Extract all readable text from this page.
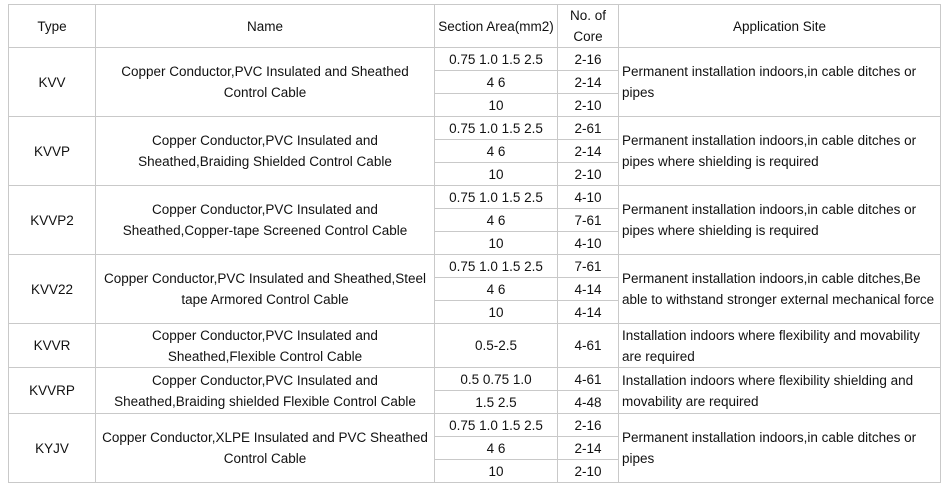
Type	Name	Section Area(mm2)	No. of Core	Application Site
KVV	Copper Conductor,PVC Insulated and Sheathed Control Cable	0.75 1.0 1.5 2.5	2-16	Permanent installation indoors,in cable ditches or pipes
		4 6	2-14	
		10	2-10	
KVVP	Copper Conductor,PVC Insulated and Sheathed,Braiding Shielded Control Cable	0.75 1.0 1.5 2.5	2-61	Permanent installation indoors,in cable ditches or pipes where shielding is required
		4 6	2-14	
		10	2-10	
KVVP2	Copper Conductor,PVC Insulated and Sheathed,Copper-tape Screened Control Cable	0.75 1.0 1.5 2.5	4-10	Permanent installation indoors,in cable ditches or pipes where shielding is required
		4 6	7-61	
		10	4-10	
KVV22	Copper Conductor,PVC Insulated and Sheathed,Steel tape Armored Control Cable	0.75 1.0 1.5 2.5	7-61	Permanent installation indoors,in cable ditches,Be able to withstand stronger external mechanical force
		4 6	4-14	
		10	4-14	
KVVR	Copper Conductor,PVC Insulated and Sheathed,Flexible Control Cable	0.5-2.5	4-61	Installation indoors where flexibility and movability are required
KVVRP	Copper Conductor,PVC Insulated and Sheathed,Braiding shielded Flexible Control Cable	0.5 0.75 1.0	4-61	Installation indoors where flexibility shielding and movability are required
		1.5 2.5	4-48	
KYJV	Copper Conductor,XLPE Insulated and PVC Sheathed Control Cable	0.75 1.0 1.5 2.5	2-16	Permanent installation indoors,in cable ditches or pipes
		4 6	2-14	
		10	2-10	
